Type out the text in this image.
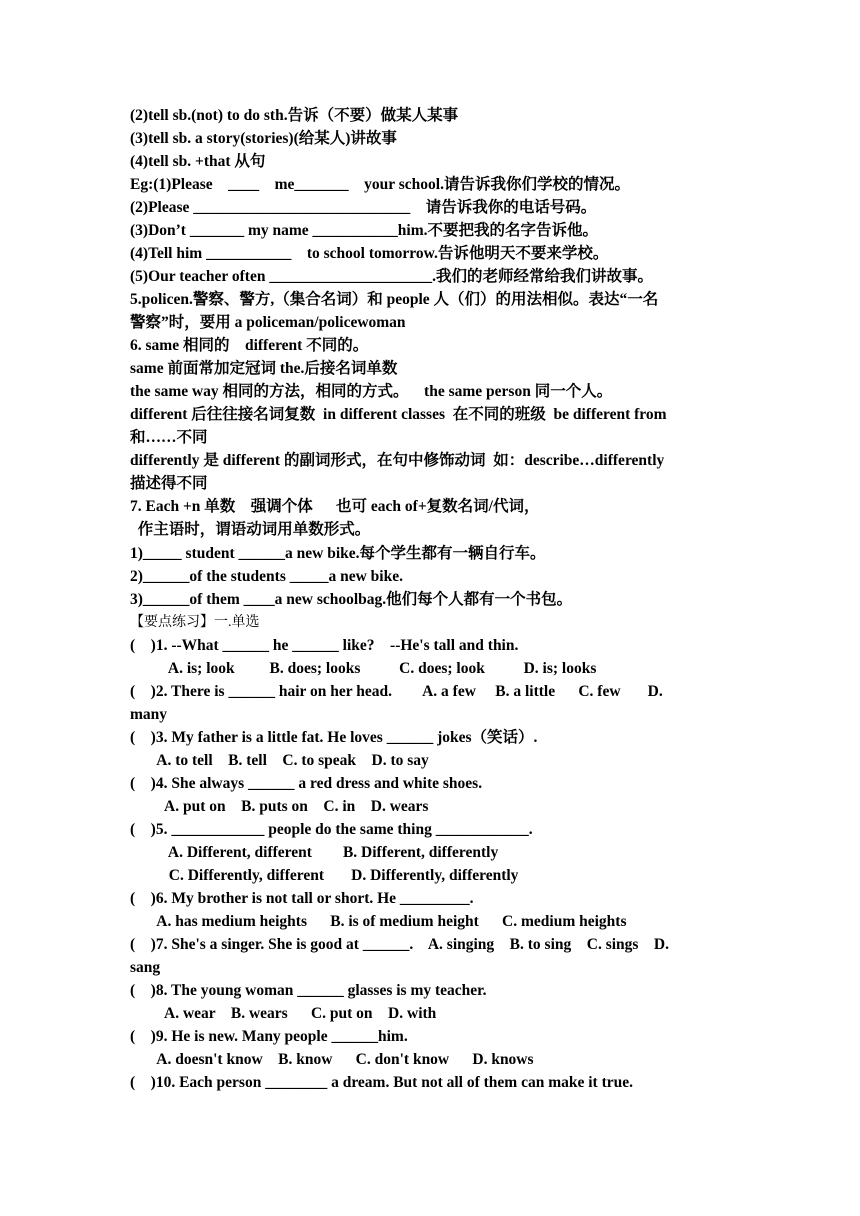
(2)tell sb.(not) to do sth.告诉（不要）做某人某事
(3)tell sb. a story(stories)(给某人)讲故事
(4)tell sb. +that 从句
Eg:(1)Please    ____    me_______    your school.请告诉我你们学校的情况。
(2)Please ____________________________    请告诉我你的电话号码。
(3)Don’t _______ my name ___________him.不要把我的名字告诉他。
(4)Tell him ___________    to school tomorrow.告诉他明天不要来学校。
(5)Our teacher often _____________________.我们的老师经常给我们讲故事。
5.policen.警察、警方,（集合名词）和 people 人（们）的用法相似。表达“一名
警察”时，要用 a policeman/policewoman
6. same 相同的    different 不同的。
same 前面常加定冠词 the.后接名词单数
the same way 相同的方法，相同的方式。    the same person 同一个人。
different 后往往接名词复数  in different classes  在不同的班级  be different from
和……不同
differently 是 different 的副词形式，在句中修饰动词  如：describe…differently
描述得不同
7. Each +n 单数    强调个体      也可 each of+复数名词/代词，
作主语时，谓语动词用单数形式。
1)_____ student ______a new bike.每个学生都有一辆自行车。
2)______of the students _____a new bike.
3)______of them ____a new schoolbag.他们每个人都有一个书包。
【要点练习】一.单选
(    )1. --What ______ he ______ like?    --He's tall and thin.
A. is; look         B. does; looks          C. does; look          D. is; looks
(    )2. There is ______ hair on her head.        A. a few     B. a little      C. few       D.
many
(    )3. My father is a little fat. He loves ______ jokes（笑话）.
A. to tell    B. tell    C. to speak    D. to say
(    )4. She always ______ a red dress and white shoes.
A. put on    B. puts on    C. in    D. wears
(    )5. ____________ people do the same thing ____________.
A. Different, different        B. Different, differently
C. Differently, different       D. Differently, differently
(    )6. My brother is not tall or short. He _________.
A. has medium heights      B. is of medium height      C. medium heights
(    )7. She's a singer. She is good at ______.    A. singing    B. to sing    C. sings    D.
sang
(    )8. The young woman ______ glasses is my teacher.
A. wear    B. wears      C. put on    D. with
(    )9. He is new. Many people ______him.
A. doesn't know    B. know      C. don't know      D. knows
(    )10. Each person ________ a dream. But not all of them can make it true.
